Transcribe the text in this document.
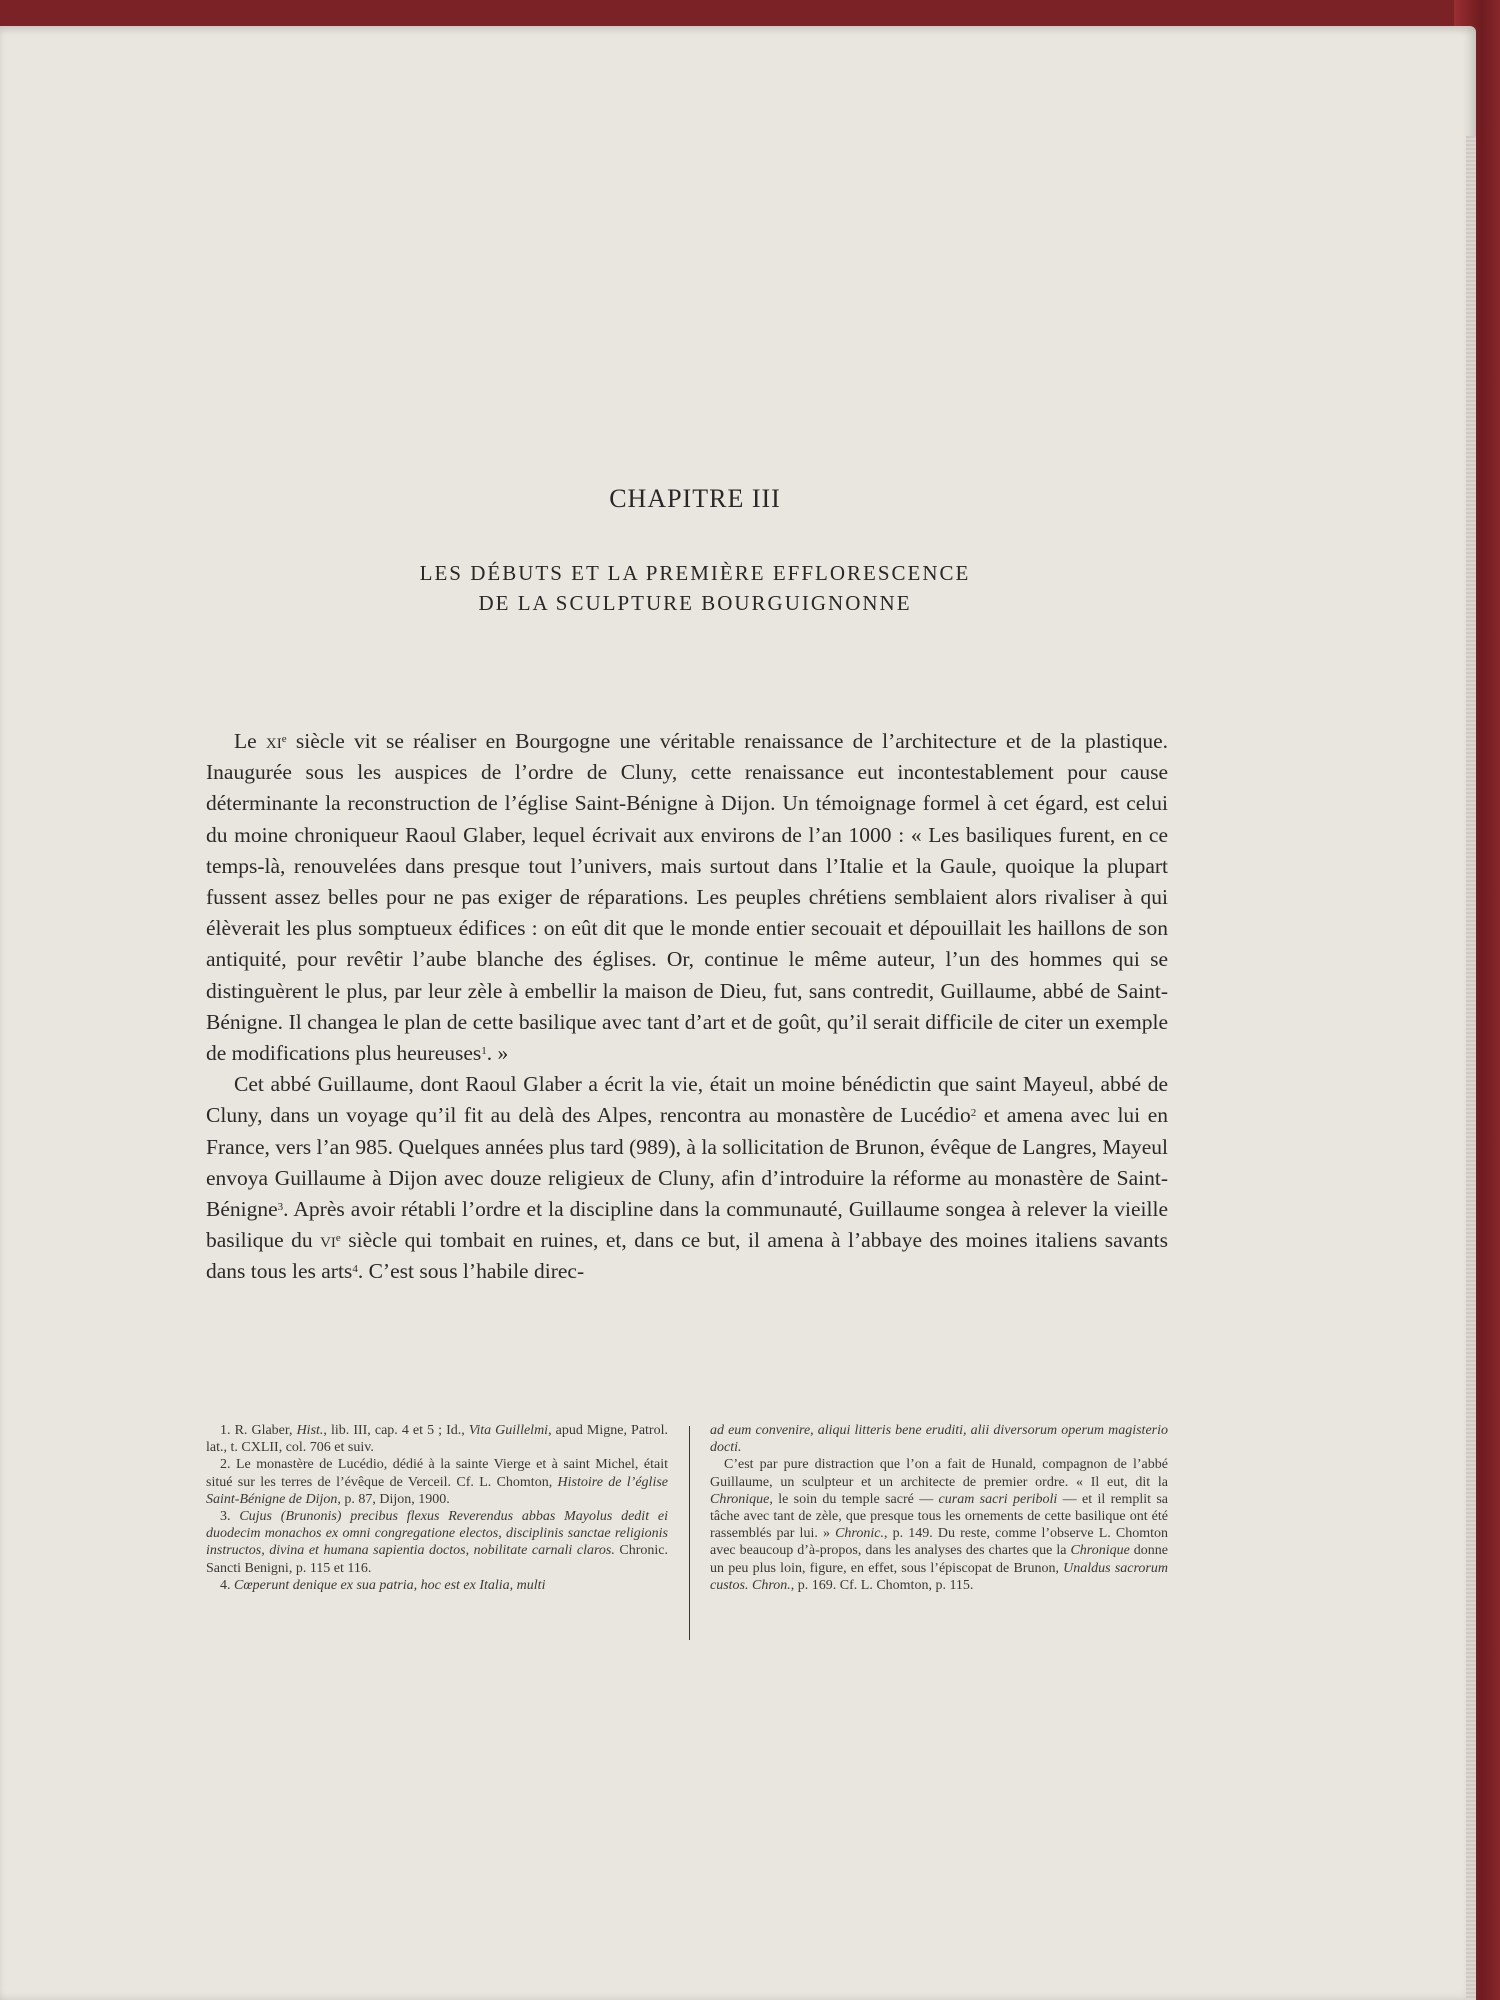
CHAPITRE III
LES DÉBUTS ET LA PREMIÈRE EFFLORESCENCE
DE LA SCULPTURE BOURGUIGNONNE

Le $xi^e$ siècle vit se réaliser en Bourgogne une véritable renaissance de l’architecture et de la plastique. Inaugurée sous les auspices de l’ordre de Cluny, cette renaissance eut incontestablement pour cause déterminante la reconstruction de l’église Saint-Bénigne à Dijon. Un témoignage formel à cet égard, est celui du moine chroniqueur Raoul Glaber, lequel écrivait aux environs de l’an 1000 : « Les basiliques furent, en ce temps-là, renouvelées dans presque tout l’univers, mais surtout dans l’Italie et la Gaule, quoique la plupart fussent assez belles pour ne pas exiger de réparations. Les peuples chrétiens semblaient alors rivaliser à qui élèverait les plus somptueux édifices : on eût dit que le monde entier secouait et dépouillait les haillons de son antiquité, pour revêtir l’aube blanche des églises. Or, continue le même auteur, l’un des hommes qui se distinguèrent le plus, par leur zèle à embellir la maison de Dieu, fut, sans contredit, Guillaume, abbé de Saint-Bénigne. Il changea le plan de cette basilique avec tant d’art et de goût, qu’il serait difficile de citer un exemple de modifications plus heureuses$^1$. »

Cet abbé Guillaume, dont Raoul Glaber a écrit la vie, était un moine bénédictin que saint Mayeul, abbé de Cluny, dans un voyage qu’il fit au delà des Alpes, rencontra au monastère de Lucédio$^2$ et amena avec lui en France, vers l’an 985. Quelques années plus tard (989), à la sollicitation de Brunon, évêque de Langres, Mayeul envoya Guillaume à Dijon avec douze religieux de Cluny, afin d’introduire la réforme au monastère de Saint-Bénigne$^3$. Après avoir rétabli l’ordre et la discipline dans la communauté, Guillaume songea à relever la vieille basilique du $vi^e$ siècle qui tombait en ruines, et, dans ce but, il amena à l’abbaye des moines italiens savants dans tous les arts$^4$. C’est sous l’habile direc-

1. R. Glaber, Hist., lib. III, cap. 4 et 5 ; Id., Vita Guillelmi, apud Migne, Patrol. lat., t. CXLII, col. 706 et suiv.

2. Le monastère de Lucédio, dédié à la sainte Vierge et à saint Michel, était situé sur les terres de l’évêque de Verceil. Cf. L. Chomton, Histoire de l’église Saint-Bénigne de Dijon, p. 87, Dijon, 1900.

3. Cujus (Brunonis) precibus flexus Reverendus abbas Mayolus dedit ei duodecim monachos ex omni congregatione electos, disciplinis sanctae religionis instructos, divina et humana sapientia doctos, nobilitate carnali claros. Chronic. Sancti Benigni, p. 115 et 116.

4. Cœperunt denique ex sua patria, hoc est ex Italia, multi

ad eum convenire, aliqui litteris bene eruditi, alii diversorum operum magisterio docti.

C’est par pure distraction que l’on a fait de Hunald, compagnon de l’abbé Guillaume, un sculpteur et un architecte de premier ordre. « Il eut, dit la Chronique, le soin du temple sacré — curam sacri periboli — et il remplit sa tâche avec tant de zèle, que presque tous les ornements de cette basilique ont été rassemblés par lui. » Chronic., p. 149. Du reste, comme l’observe L. Chomton avec beaucoup d’à-propos, dans les analyses des chartes que la Chronique donne un peu plus loin, figure, en effet, sous l’épiscopat de Brunon, Unaldus sacrorum custos. Chron., p. 169. Cf. L. Chomton, p. 115.
